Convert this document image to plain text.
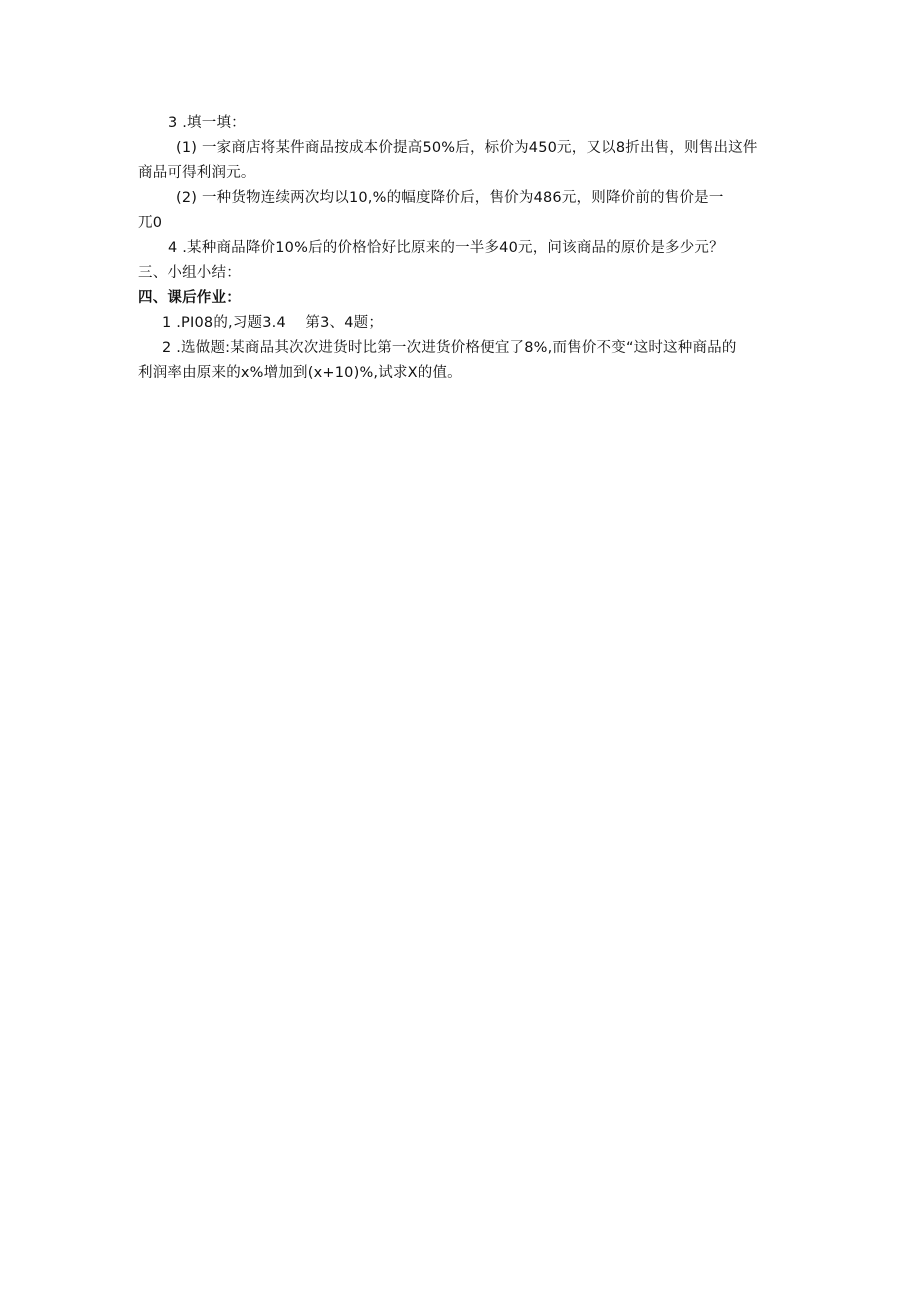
3 .填一填：
(1) 一家商店将某件商品按成本价提高50%后，标价为450元，又以8折出售，则售出这件
商品可得利润元。
(2) 一种货物连续两次均以10,%的幅度降价后，售价为486元，则降价前的售价是一
兀0
4 .某种商品降价10%后的价格恰好比原来的一半多40元，问该商品的原价是多少元？
三、小组小结：
四、课后作业：
1 .PI08的,习题3.4　 第3、4题；
2 .选做题:某商品其次次进货时比第一次进货价格便宜了8%,而售价不变“这时这种商品的
利润率由原来的x%增加到(x+10)%,试求X的值。
